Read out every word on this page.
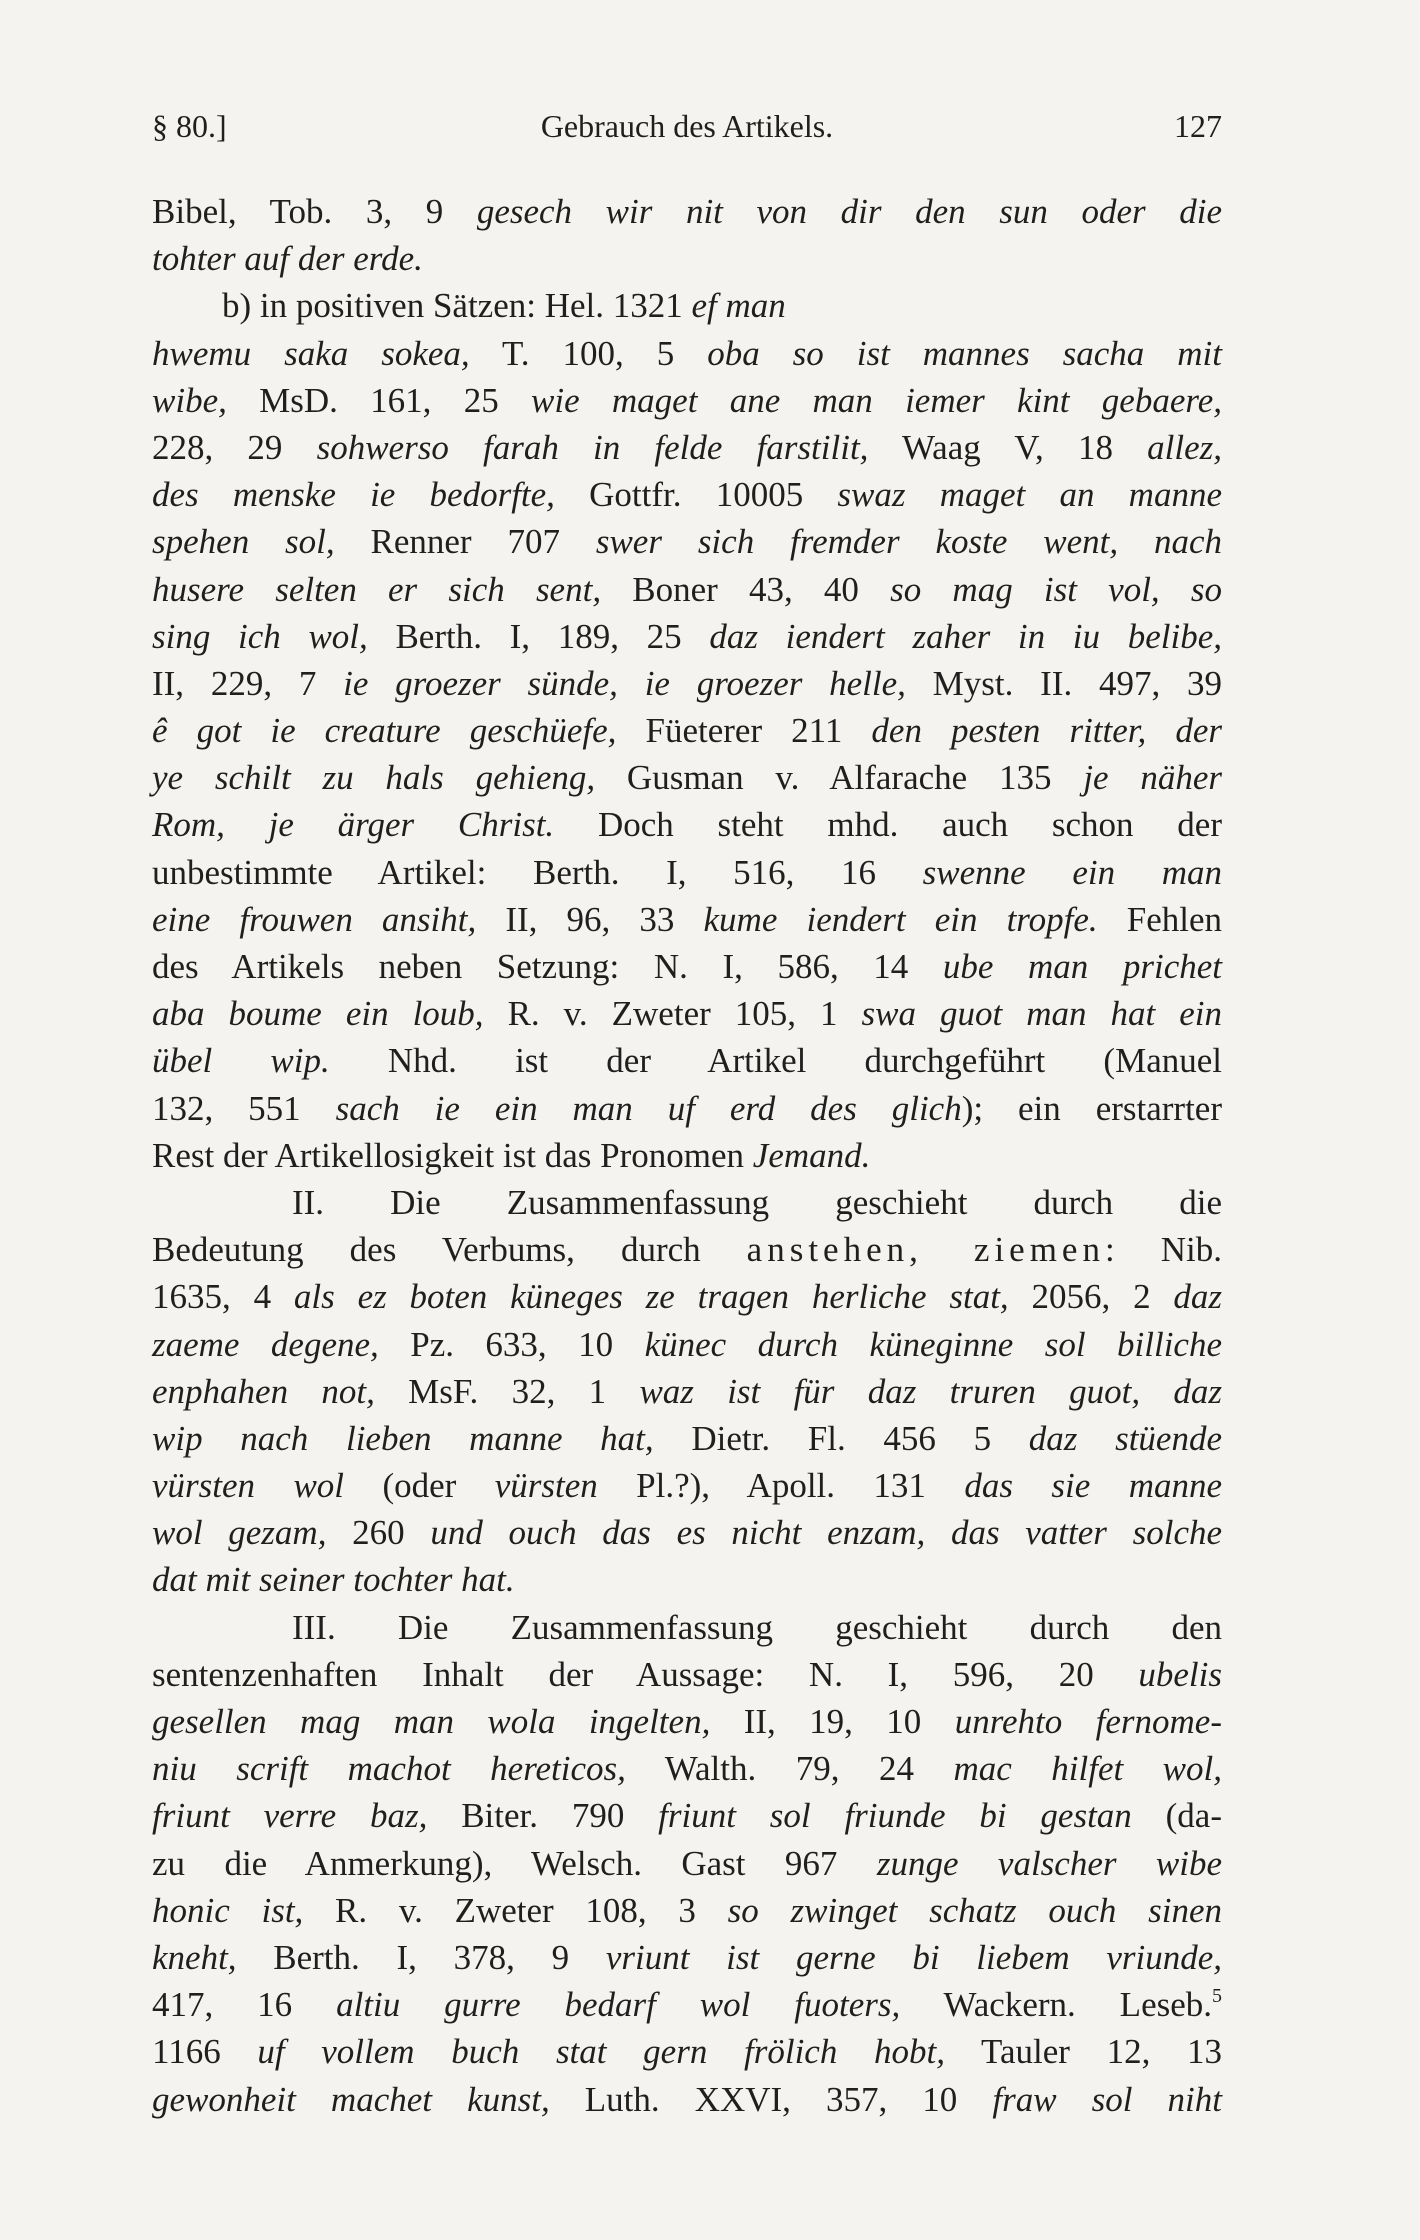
§ 80.]	Gebrauch des Artikels.	127
Bibel, Tob. 3, 9 gesech wir nit von dir den sun oder die
tohter auf der erde.
  b) in positiven Sätzen: Hel. 1321 ef man
hwemu saka sokea, T. 100, 5 oba so ist mannes sacha mit
wibe, MsD. 161, 25 wie maget ane man iemer kint gebaere,
228, 29 sohwerso farah in felde farstilit, Waag V, 18 allez,
des menske ie bedorfte, Gottfr. 10005 swaz maget an manne
spehen sol, Renner 707 swer sich fremder koste went, nach
husere selten er sich sent, Boner 43, 40 so mag ist vol, so
sing ich wol, Berth. I, 189, 25 daz iendert zaher in iu belibe,
II, 229, 7 ie groezer sünde, ie groezer helle, Myst. II. 497, 39
ê got ie creature geschüefe, Füeterer 211 den pesten ritter, der
ye schilt zu hals gehieng, Gusman v. Alfarache 135 je näher
Rom, je ärger Christ. Doch steht mhd. auch schon der
unbestimmte Artikel: Berth. I, 516, 16 swenne ein man
eine frouwen ansiht, II, 96, 33 kume iendert ein tropfe. Fehlen
des Artikels neben Setzung: N. I, 586, 14 ube man prichet
aba boume ein loub, R. v. Zweter 105, 1 swa guot man hat ein
übel wip. Nhd. ist der Artikel durchgeführt (Manuel
132, 551 sach ie ein man uf erd des glich); ein erstarrter
Rest der Artikellosigkeit ist das Pronomen Jemand.
    II. Die Zusammenfassung geschieht durch die
Bedeutung des Verbums, durch anstehen, ziemen: Nib.
1635, 4 als ez boten küneges ze tragen herliche stat, 2056, 2 daz
zaeme degene, Pz. 633, 10 künec durch küneginne sol billiche
enphahen not, MsF. 32, 1 waz ist für daz truren guot, daz
wip nach lieben manne hat, Dietr. Fl. 456 5 daz stüende
vürsten wol (oder vürsten Pl.?), Apoll. 131 das sie manne
wol gezam, 260 und ouch das es nicht enzam, das vatter solche
dat mit seiner tochter hat.
    III. Die Zusammenfassung geschieht durch den
sentenzenhaften Inhalt der Aussage: N. I, 596, 20 ubelis
gesellen mag man wola ingelten, II, 19, 10 unrehto fernome-
niu scrift machot hereticos, Walth. 79, 24 mac hilfet wol,
friunt verre baz, Biter. 790 friunt sol friunde bi gestan (da-
zu die Anmerkung), Welsch. Gast 967 zunge valscher wibe
honic ist, R. v. Zweter 108, 3 so zwinget schatz ouch sinen
kneht, Berth. I, 378, 9 vriunt ist gerne bi liebem vriunde,
417, 16 altiu gurre bedarf wol fuoters, Wackern. Leseb.$^5$
1166 uf vollem buch stat gern frölich hobt, Tauler 12, 13
gewonheit machet kunst, Luth. XXVI, 357, 10 fraw sol niht
